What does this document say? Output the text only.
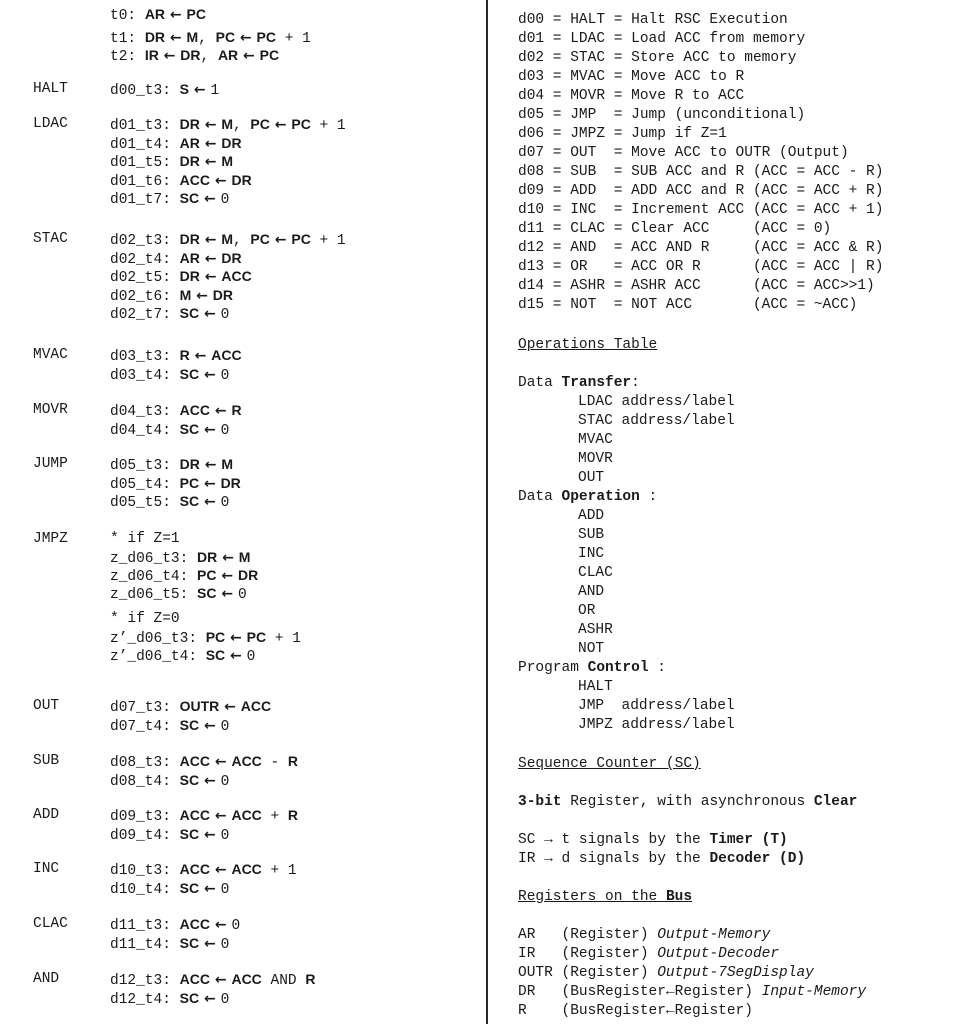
t0: AR ← PC
t1: DR ← M, PC ← PC + 1
t2: IR ← DR, AR ← PC
HALT	d00_t3: S ← 1
LDAC	d01_t3: DR ← M, PC ← PC + 1
d01_t4: AR ← DR
d01_t5: DR ← M
d01_t6: ACC ← DR
d01_t7: SC ← 0
STAC	d02_t3: DR ← M, PC ← PC + 1
d02_t4: AR ← DR
d02_t5: DR ← ACC
d02_t6: M ← DR
d02_t7: SC ← 0
MVAC	d03_t3: R ← ACC
d03_t4: SC ← 0
MOVR	d04_t3: ACC ← R
d04_t4: SC ← 0
JUMP	d05_t3: DR ← M
d05_t4: PC ← DR
d05_t5: SC ← 0
JMPZ	* if Z=1
z_d06_t3: DR ← M
z_d06_t4: PC ← DR
z_d06_t5: SC ← 0
* if Z=0
z’_d06_t3: PC ← PC + 1
z’_d06_t4: SC ← 0
OUT	d07_t3: OUTR ← ACC
d07_t4: SC ← 0
SUB	d08_t3: ACC ← ACC - R
d08_t4: SC ← 0
ADD	d09_t3: ACC ← ACC + R
d09_t4: SC ← 0
INC	d10_t3: ACC ← ACC + 1
d10_t4: SC ← 0
CLAC	d11_t3: ACC ← 0
d11_t4: SC ← 0
AND	d12_t3: ACC ← ACC AND R
d12_t4: SC ← 0
d00 = HALT = Halt RSC Execution
d01 = LDAC = Load ACC from memory
d02 = STAC = Store ACC to memory
d03 = MVAC = Move ACC to R
d04 = MOVR = Move R to ACC
d05 = JMP  = Jump (unconditional)
d06 = JMPZ = Jump if Z=1
d07 = OUT  = Move ACC to OUTR (Output)
d08 = SUB  = SUB ACC and R (ACC = ACC - R)
d09 = ADD  = ADD ACC and R (ACC = ACC + R)
d10 = INC  = Increment ACC (ACC = ACC + 1)
d11 = CLAC = Clear ACC     (ACC = 0)
d12 = AND  = ACC AND R     (ACC = ACC & R)
d13 = OR   = ACC OR R      (ACC = ACC | R)
d14 = ASHR = ASHR ACC      (ACC = ACC>>1)
d15 = NOT  = NOT ACC       (ACC = ~ACC)
Operations Table
Data Transfer:
LDAC address/label
STAC address/label
MVAC
MOVR
OUT
Data Operation :
ADD
SUB
INC
CLAC
AND
OR
ASHR
NOT
Program Control :
HALT
JMP  address/label
JMPZ address/label
Sequence Counter (SC)
3-bit Register, with asynchronous Clear
SC → t signals by the Timer (T)
IR → d signals by the Decoder (D)
Registers on the Bus
AR   (Register) Output-Memory
IR   (Register) Output-Decoder
OUTR (Register) Output-7SegDisplay
DR   (BusRegister←Register) Input-Memory
R    (BusRegister←Register)
